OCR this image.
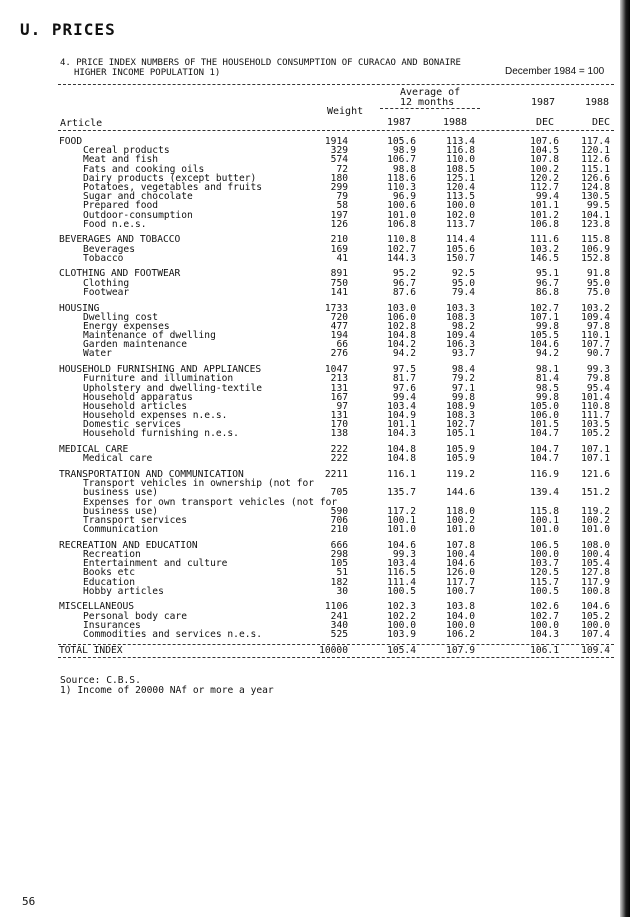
U. PRICES
4. PRICE INDEX NUMBERS OF THE HOUSEHOLD CONSUMPTION OF CURACAO AND BONAIRE
HIGHER INCOME POPULATION 1)	December 1984 = 100
Average of
12 months
Weight
1987	1988
Article	1987	1988	DEC	DEC
FOOD	1914	105.6	113.4	107.6 117.4
Cereal products	329	98.9	116.8	104.5 120.1
Meat and fish	574	106.7	110.0	107.8 112.6
Fats and cooking oils	72	98.8	108.5	100.2 115.1
Dairy products (except butter)	180	118.6	125.1	120.2 126.6
Potatoes, vegetables and fruits	299	110.3	120.4	112.7 124.8
Sugar and chocolate	79	96.9	113.5	99.4 130.5
Prepared food	58	100.6	100.0	101.1	99.5
Outdoor-consumption	197	101.0	102.0	101.2 104.1
Food n.e.s.	126	106.8	113.7	106.8 123.8
BEVERAGES AND TOBACCO	210	110.8	114.4	111.6 115.8
Beverages	169	102.7	105.6	103.2 106.9
Tobacco	41	144.3	150.7	146.5 152.8
CLOTHING AND FOOTWEAR	891	95.2	92.5	95.1	91.8
Clothing	750	96.7	95.0	96.7	95.0
Footwear	141	87.6	79.4	86.8	75.0
HOUSING	1733	103.0	103.3	102.7 103.2
Dwelling cost	720	106.0	108.3	107.1 109.4
Energy expenses	477	102.8	98.2	99.8	97.8
Maintenance of dwelling	194	104.8	109.4	105.5 110.1
Garden maintenance	66	104.2	106.3	104.6 107.7
Water	276	94.2	93.7	94.2	90.7
HOUSEHOLD FURNISHING AND APPLIANCES	1047	97.5	98.4	98.1	99.3
Furniture and illumination	213	81.7	79.2	81.4	79.8
Upholstery and dwelling-textile	131	97.6	97.1	98.5	95.4
Household apparatus	167	99.4	99.8	99.8 101.4
Household articles	97	103.4	108.9	105.0 110.8
Household expenses n.e.s.	131	104.9	108.3	106.0 111.7
Domestic services	170	101.1	102.7	101.5 103.5
Household furnishing n.e.s.	138	104.3	105.1	104.7 105.2
MEDICAL CARE	222	104.8	105.9	104.7 107.1
Medical care	222	104.8	105.9	104.7 107.1
TRANSPORTATION AND COMMUNICATION	2211	116.1	119.2	116.9 121.6
Transport vehicles in ownership (not for
business use)	705	135.7	144.6	139.4 151.2
Expenses for own transport vehicles (not for
business use)	590	117.2	118.0	115.8 119.2
Transport services	706	100.1	100.2	100.1 100.2
Communication	210	101.0	101.0	101.0 101.0
RECREATION AND EDUCATION	666	104.6	107.8	106.5 108.0
Recreation	298	99.3	100.4	100.0 100.4
Entertainment and culture	105	103.4	104.6	103.7 105.4
Books etc	51	116.5	126.0	120.5 127.8
Education	182	111.4	117.7	115.7 117.9
Hobby articles	30	100.5	100.7	100.5 100.8
MISCELLANEOUS	1106	102.3	103.8	102.6 104.6
Personal body care	241	102.2	104.0	102.7 105.2
Insurances	340	100.0	100.0	100.0 100.0
Commodities and services n.e.s.	525	103.9	106.2	104.3 107.4
TOTAL INDEX	10000	105.4	107.9	106.1 109.4
Source: C.B.S.
1) Income of 20000 NAf or more a year
56
